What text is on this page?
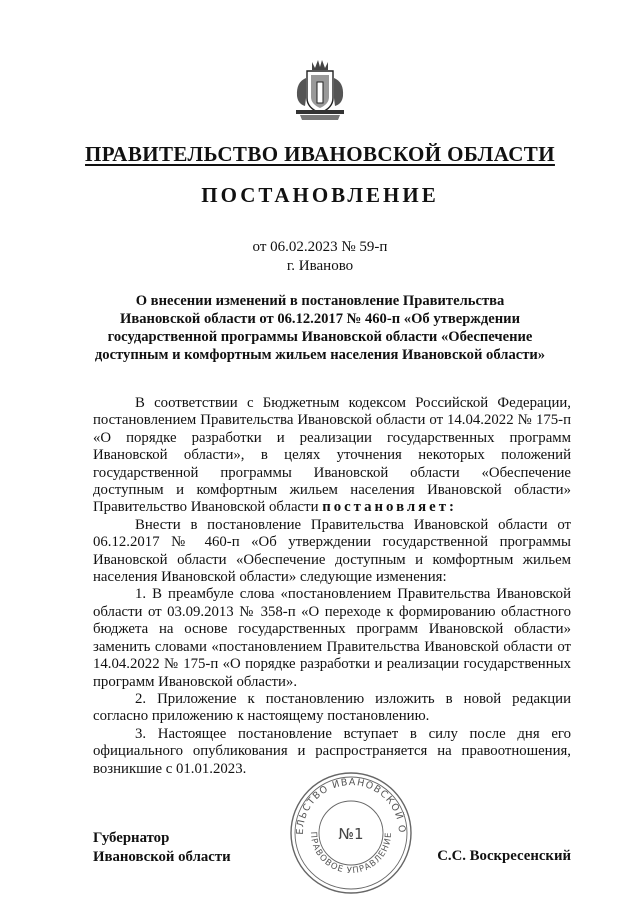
ПРАВИТЕЛЬСТВО ИВАНОВСКОЙ ОБЛАСТИ
ПОСТАНОВЛЕНИЕ
от 06.02.2023 № 59-п
г. Иваново
О внесении изменений в постановление Правительства
Ивановской области от 06.12.2017 № 460-п «Об утверждении
государственной программы Ивановской области «Обеспечение
доступным и комфортным жильем населения Ивановской области»

В соответствии с Бюджетным кодексом Российской Федерации, постановлением Правительства Ивановской области от 14.04.2022 № 175-п «О порядке разработки и реализации государственных программ Ивановской области», в целях уточнения некоторых положений государственной программы Ивановской области «Обеспечение доступным и комфортным жильем населения Ивановской области» Правительство Ивановской области постановляет:

Внести в постановление Правительства Ивановской области от 06.12.2017 № 460-п «Об утверждении государственной программы Ивановской области «Обеспечение доступным и комфортным жильем населения Ивановской области» следующие изменения:

1. В преамбуле слова «постановлением Правительства Ивановской области от 03.09.2013 № 358-п «О переходе к формированию областного бюджета на основе государственных программ Ивановской области» заменить словами «постановлением Правительства Ивановской области от 14.04.2022 № 175-п «О порядке разработки и реализации государственных программ Ивановской области».

2. Приложение к постановлению изложить в новой редакции согласно приложению к настоящему постановлению.

3. Настоящее постановление вступает в силу после дня его официального опубликования и распространяется на правоотношения, возникшие с 01.01.2023.

Губернатор
Ивановской области
ЕЛЬСТВО ИВАНОВСКОЙ О
ПРАВОВОЕ УПРАВЛЕНИЕ
№1
С.С. Воскресенский
